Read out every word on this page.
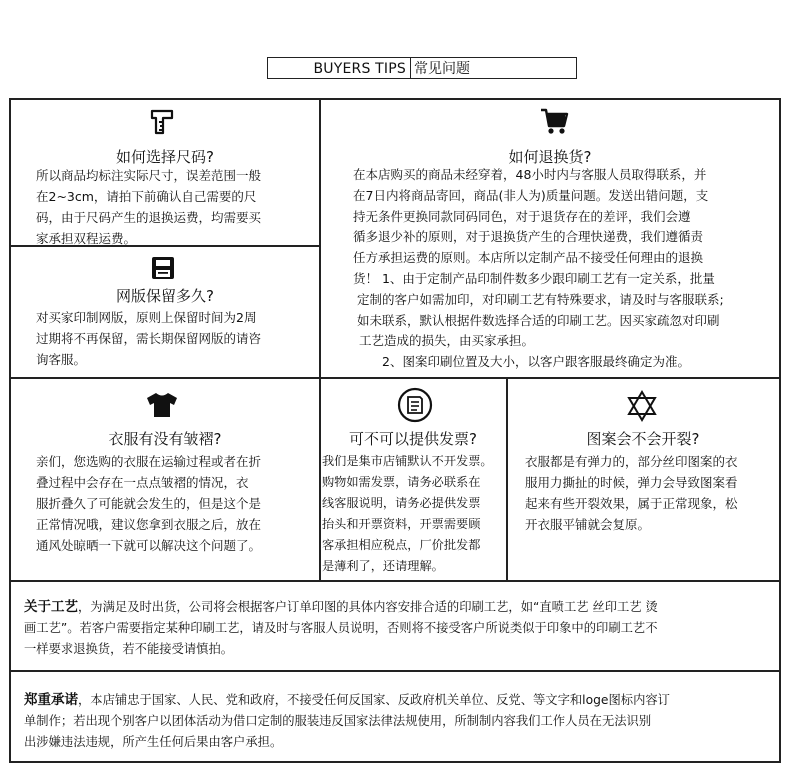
BUYERS TIPS 常见问题
如何选择尺码?
所以商品均标注实际尺寸，误差范围一般
在2~3cm，请拍下前确认自己需要的尺
码，由于尺码产生的退换运费，均需要买
家承担双程运费。
如何退换货?
在本店购买的商品未经穿着，48小时内与客服人员取得联系，并
在7日内将商品寄回，商品(非人为)质量问题。发送出错问题，支
持无条件更换同款同码同色，对于退货存在的差评，我们会遵
循多退少补的原则，对于退换货产生的合理快递费，我们遵循责
任方承担运费的原则。本店所以定制产品不接受任何理由的退换
货！ 1、由于定制产品印制件数多少跟印刷工艺有一定关系，批量
定制的客户如需加印，对印刷工艺有特殊要求，请及时与客服联系;
如未联系，默认根据件数选择合适的印刷工艺。因买家疏忽对印刷
工艺造成的损失，由买家承担。
2、图案印刷位置及大小，以客户跟客服最终确定为准。
网版保留多久?
对买家印制网版，原则上保留时间为2周
过期将不再保留，需长期保留网版的请咨
询客服。
衣服有没有皱褶?
亲们，您选购的衣服在运输过程或者在折
叠过程中会存在一点点皱褶的情况，衣
服折叠久了可能就会发生的，但是这个是
正常情况哦，建议您拿到衣服之后，放在
通风处晾晒一下就可以解决这个问题了。
可不可以提供发票?
我们是集市店铺默认不开发票。
购物如需发票，请务必联系在
线客服说明，请务必提供发票
抬头和开票资料，开票需要顾
客承担相应税点，厂价批发都
是薄利了，还请理解。
图案会不会开裂?
衣服都是有弹力的，部分丝印图案的衣
服用力撕扯的时候，弹力会导致图案看
起来有些开裂效果，属于正常现象，松
开衣服平铺就会复原。
关于工艺，为满足及时出货，公司将会根据客户订单印图的具体内容安排合适的印刷工艺，如“直喷工艺 丝印工艺 烫
画工艺”。若客户需要指定某种印刷工艺，请及时与客服人员说明，否则将不接受客户所说类似于印象中的印刷工艺不
一样要求退换货，若不能接受请慎拍。
郑重承诺，本店铺忠于国家、人民、党和政府，不接受任何反国家、反政府机关单位、反党、等文字和loge图标内容订
单制作；若出现个别客户以团体活动为借口定制的服装违反国家法律法规使用，所制制内容我们工作人员在无法识别
出涉嫌违法违规，所产生任何后果由客户承担。
